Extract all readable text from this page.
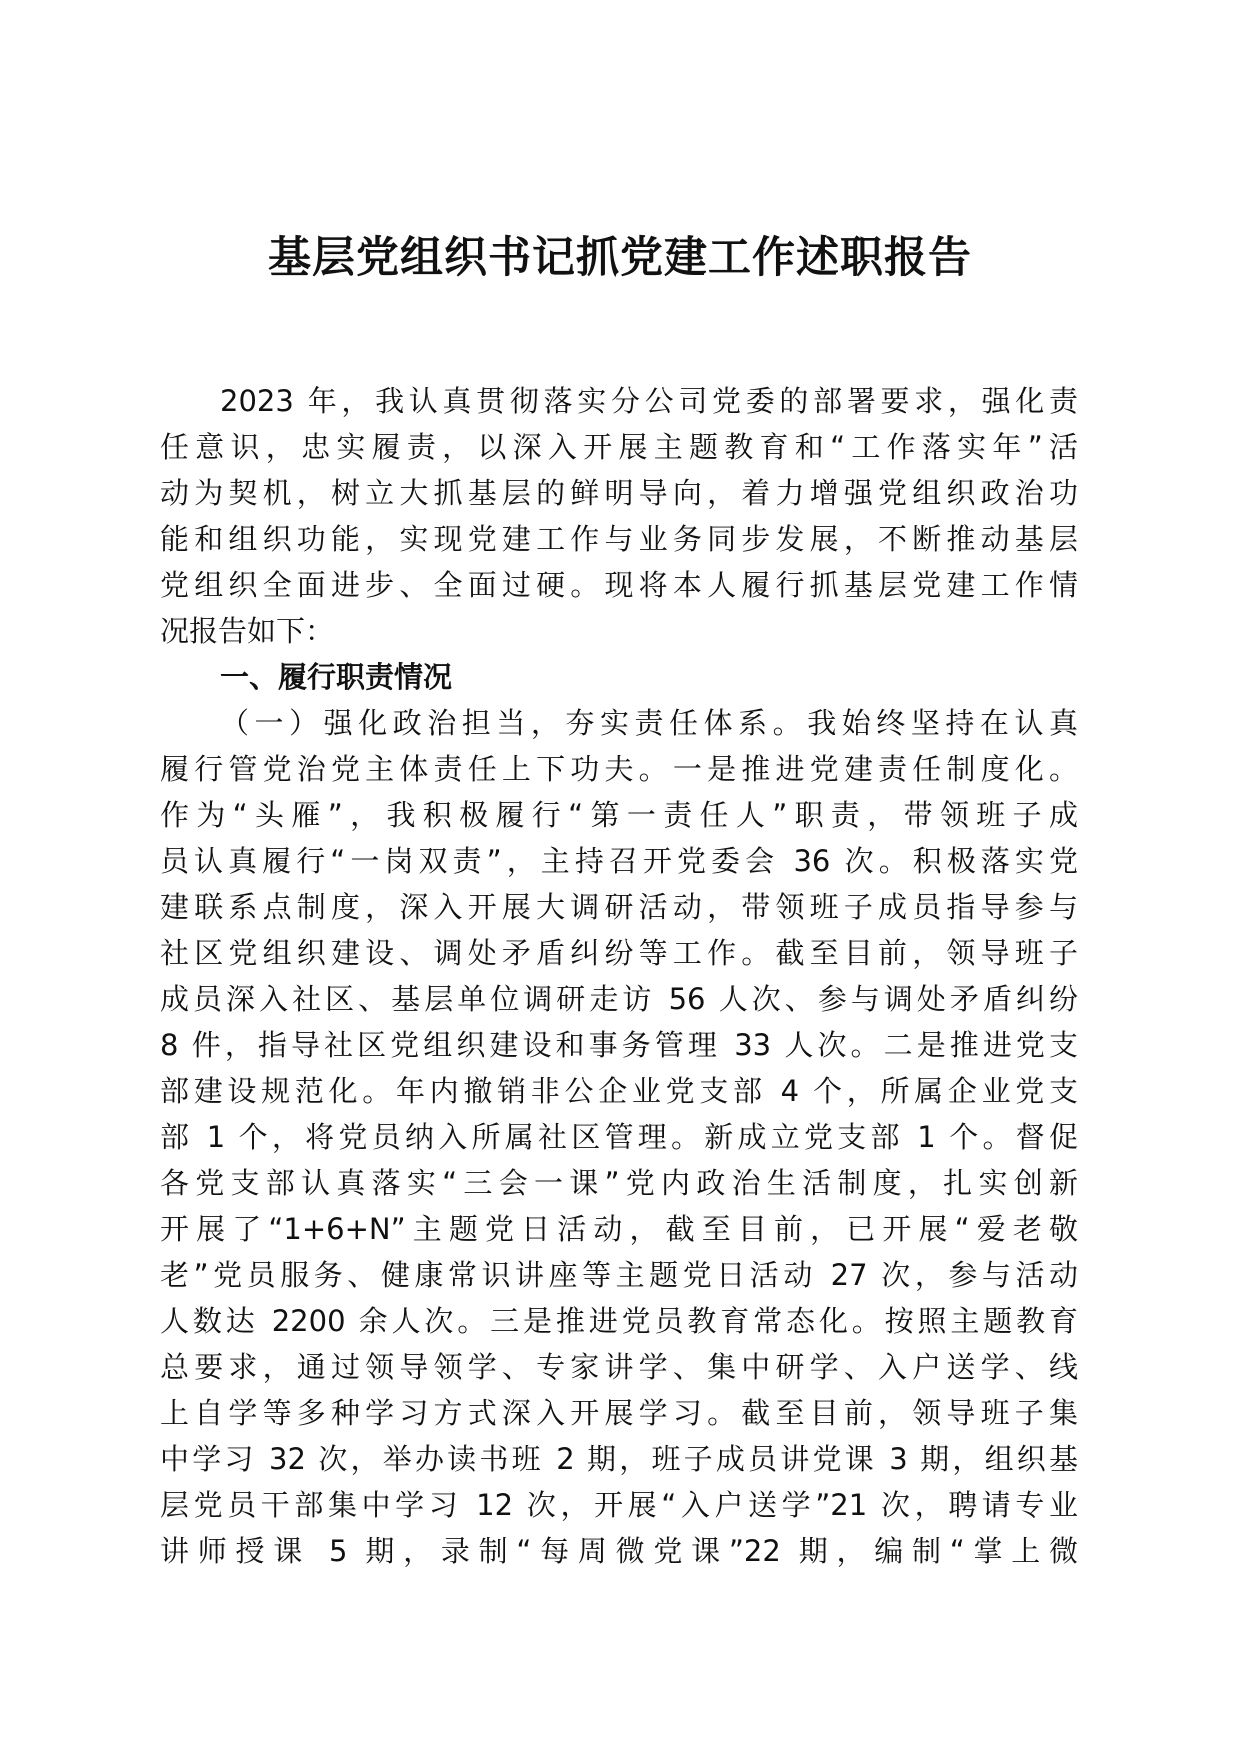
基层党组织书记抓党建工作述职报告
2023 年，我认真贯彻落实分公司党委的部署要求，强化责
任意识，忠实履责，以深入开展主题教育和“工作落实年”活
动为契机，树立大抓基层的鲜明导向，着力增强党组织政治功
能和组织功能，实现党建工作与业务同步发展，不断推动基层
党组织全面进步、全面过硬。现将本人履行抓基层党建工作情
况报告如下：
一、履行职责情况
（一）强化政治担当，夯实责任体系。我始终坚持在认真
履行管党治党主体责任上下功夫。一是推进党建责任制度化。
作为“头雁”，我积极履行“第一责任人”职责，带领班子成
员认真履行“一岗双责”，主持召开党委会 36 次。积极落实党
建联系点制度，深入开展大调研活动，带领班子成员指导参与
社区党组织建设、调处矛盾纠纷等工作。截至目前，领导班子
成员深入社区、基层单位调研走访 56 人次、参与调处矛盾纠纷
8 件，指导社区党组织建设和事务管理 33 人次。二是推进党支
部建设规范化。年内撤销非公企业党支部 4 个，所属企业党支
部 1 个，将党员纳入所属社区管理。新成立党支部 1 个。督促
各党支部认真落实“三会一课”党内政治生活制度，扎实创新
开展了“1+6+N”主题党日活动，截至目前，已开展“爱老敬
老”党员服务、健康常识讲座等主题党日活动 27 次，参与活动
人数达 2200 余人次。三是推进党员教育常态化。按照主题教育
总要求，通过领导领学、专家讲学、集中研学、入户送学、线
上自学等多种学习方式深入开展学习。截至目前，领导班子集
中学习 32 次，举办读书班 2 期，班子成员讲党课 3 期，组织基
层党员干部集中学习 12 次，开展“入户送学”21 次，聘请专业
讲师授课 5 期，录制“每周微党课”22 期，编制“掌上微
